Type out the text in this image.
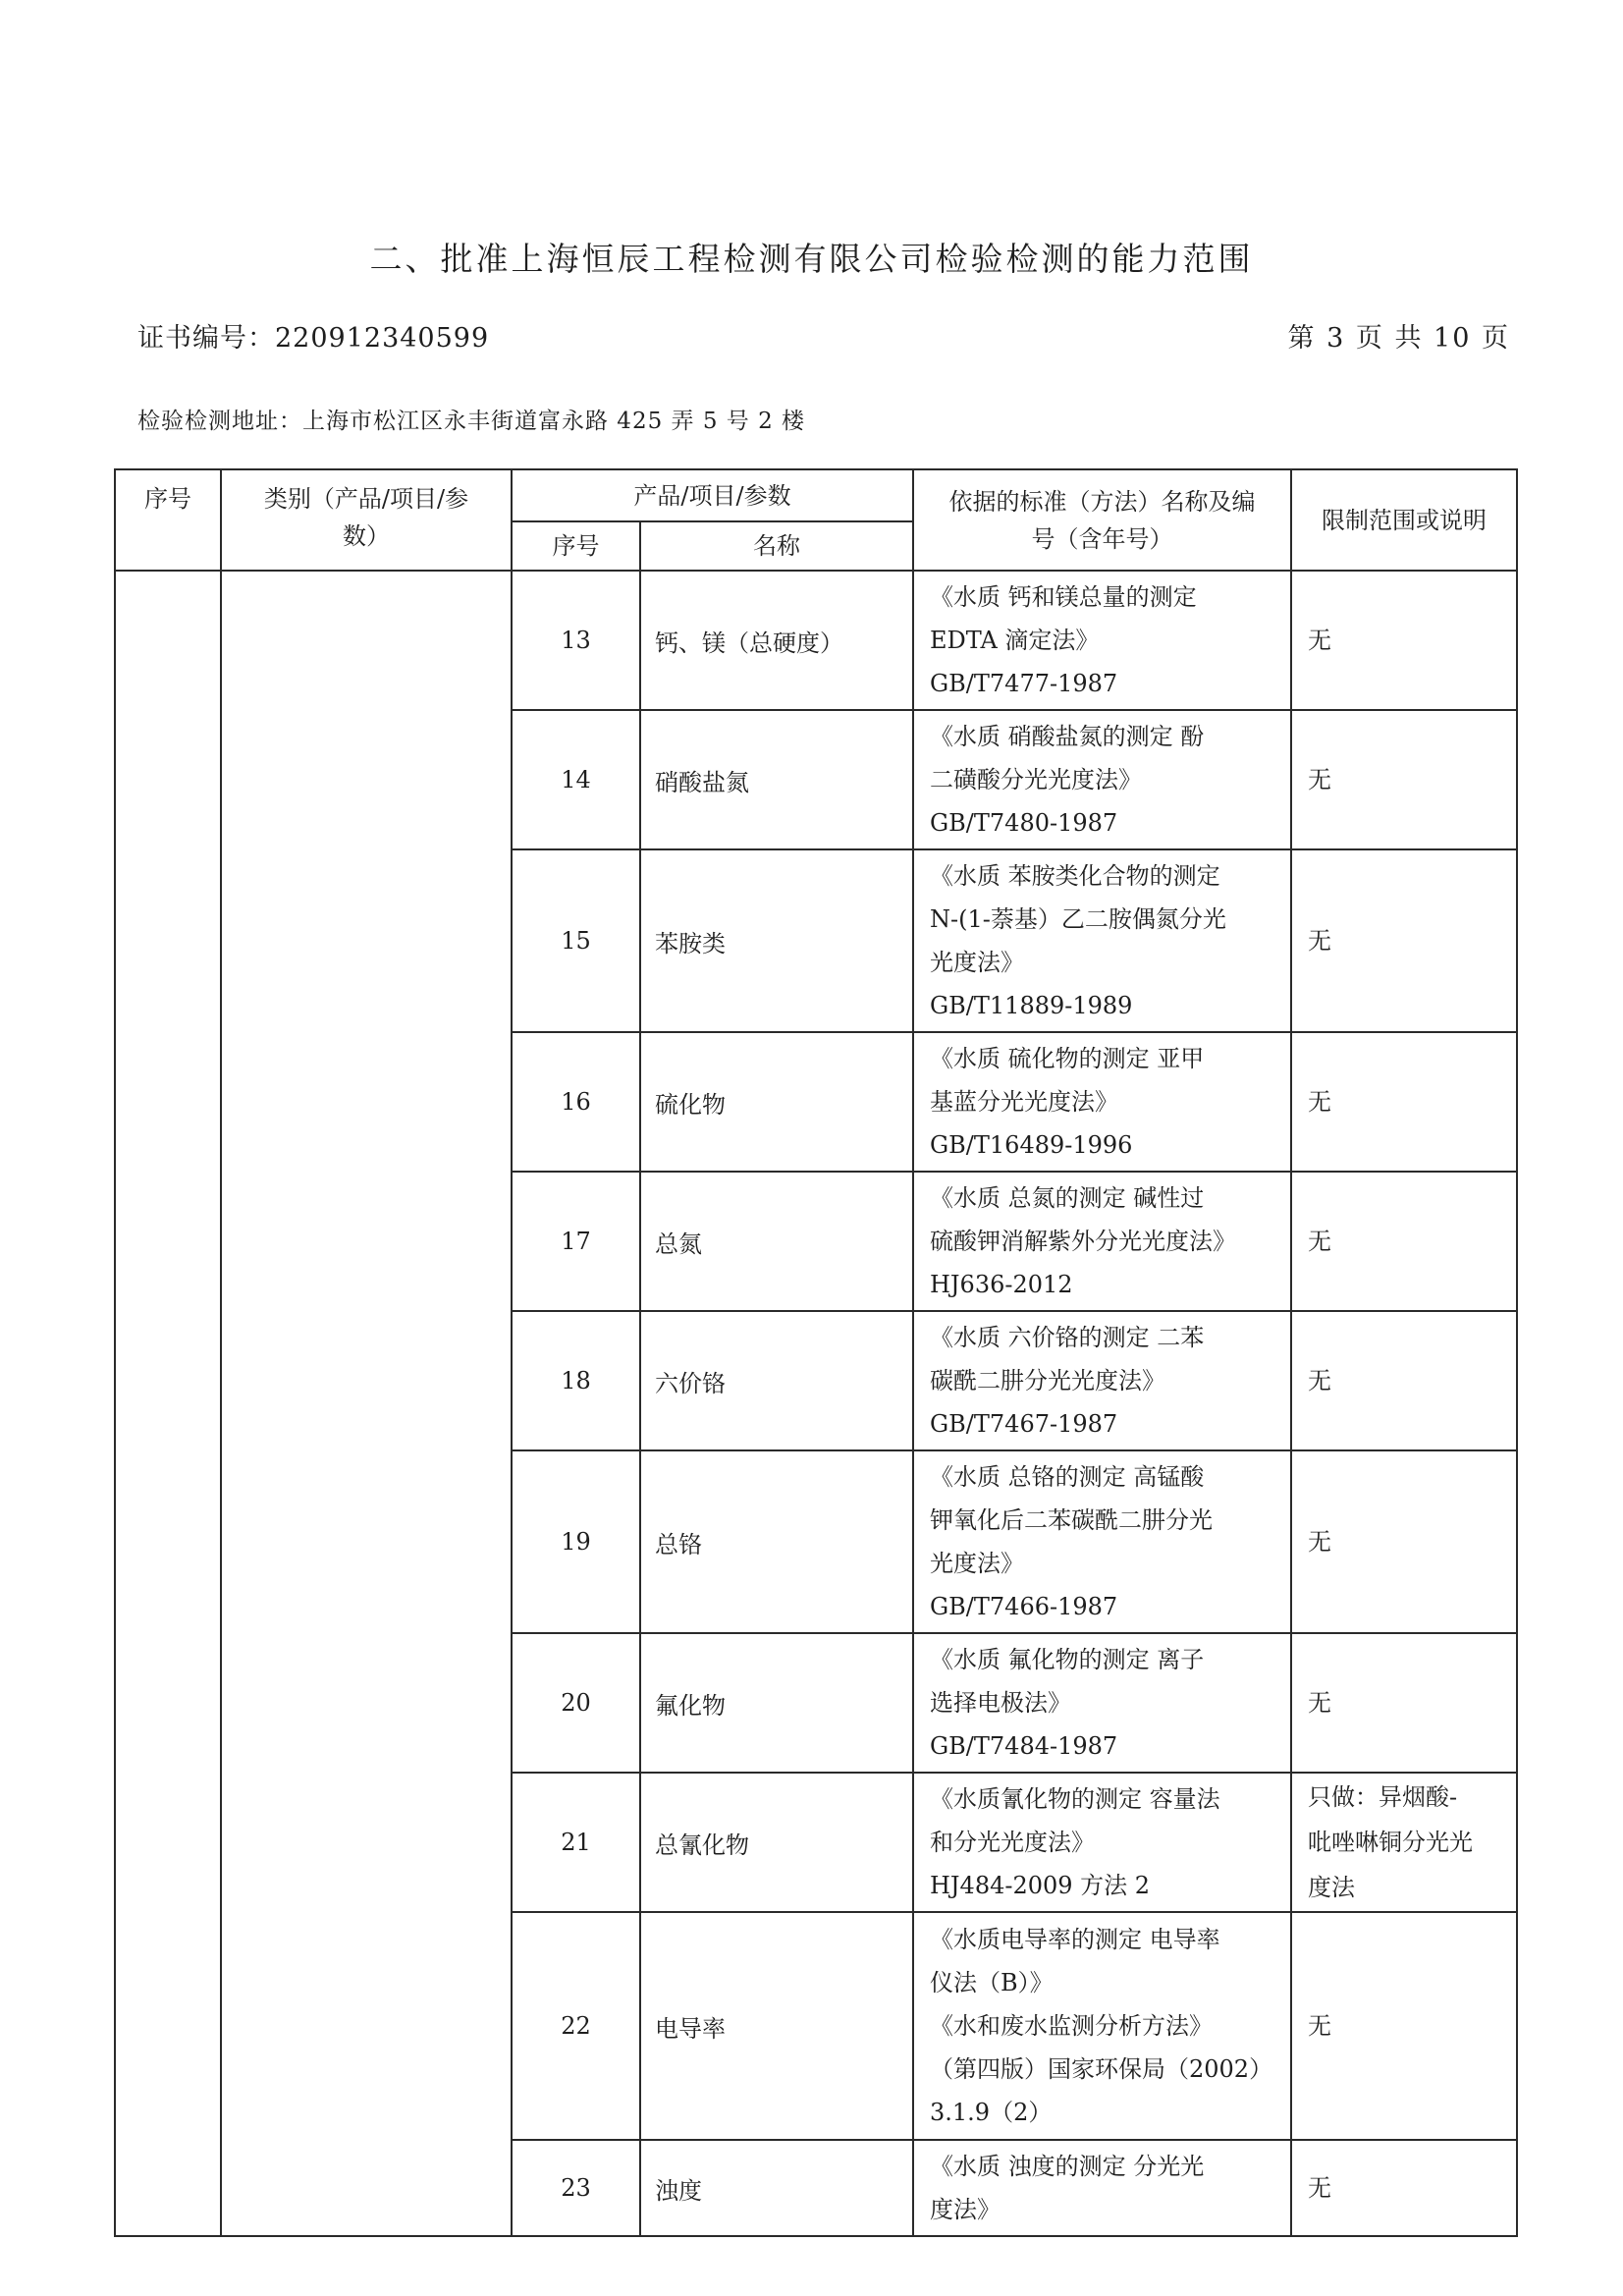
二、批准上海恒辰工程检测有限公司检验检测的能力范围
证书编号：220912340599	第 3 页 共 10 页
检验检测地址：上海市松江区永丰街道富永路 425 弄 5 号 2 楼
序号	类别（产品/项目/参
数）	产品/项目/参数		依据的标准（方法）名称及编
号（含年号）	限制范围或说明
		序号	名称		
		13	钙、镁（总硬度）	《水质 钙和镁总量的测定
EDTA 滴定法》
GB/T7477-1987	无

		14	硝酸盐氮	《水质 硝酸盐氮的测定 酚
二磺酸分光光度法》
GB/T7480-1987	无

		15	苯胺类	《水质 苯胺类化合物的测定
N-(1-萘基）乙二胺偶氮分光
光度法》
GB/T11889-1989	无

		16	硫化物	《水质 硫化物的测定 亚甲
基蓝分光光度法》
GB/T16489-1996	无

		17	总氮	《水质 总氮的测定 碱性过
硫酸钾消解紫外分光光度法》
HJ636-2012	无

		18	六价铬	《水质 六价铬的测定 二苯
碳酰二肼分光光度法》
GB/T7467-1987	无

		19	总铬	《水质 总铬的测定 高锰酸
钾氧化后二苯碳酰二肼分光
光度法》
GB/T7466-1987	无

		20	氟化物	《水质 氟化物的测定 离子
选择电极法》
GB/T7484-1987	无

		21	总氰化物	《水质氰化物的测定 容量法
和分光光度法》
HJ484-2009 方法 2	只做：异烟酸-
吡唑啉铜分光光
度法

		22	电导率	《水质电导率的测定 电导率
仪法（B）》
《水和废水监测分析方法》
（第四版）国家环保局（2002）
3.1.9（2）	无

		23	浊度	《水质 浊度的测定 分光光
度法》	无
